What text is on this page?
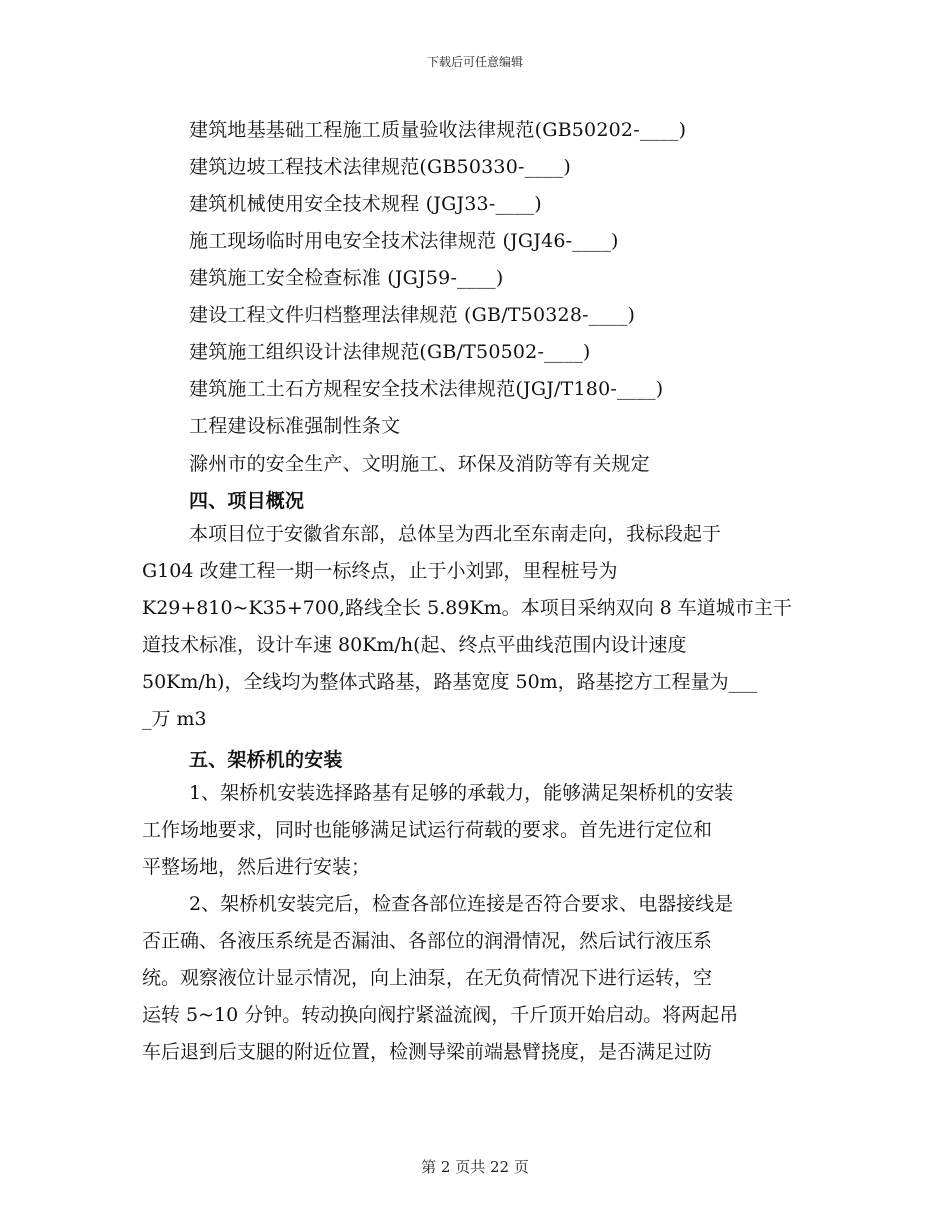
下载后可任意编辑
建筑地基基础工程施工质量验收法律规范(GB50202-____)
建筑边坡工程技术法律规范(GB50330-____)
建筑机械使用安全技术规程 (JGJ33-____)
施工现场临时用电安全技术法律规范 (JGJ46-____)
建筑施工安全检查标准 (JGJ59-____)
建设工程文件归档整理法律规范 (GB/T50328-____)
建筑施工组织设计法律规范(GB/T50502-____)
建筑施工土石方规程安全技术法律规范(JGJ/T180-____)
工程建设标准强制性条文
滁州市的安全生产、文明施工、环保及消防等有关规定
四、项目概况
本项目位于安徽省东部，总体呈为西北至东南走向，我标段起于
G104 改建工程一期一标终点，止于小刘郢，里程桩号为
K29+810~K35+700,路线全长 5.89Km。本项目采纳双向 8 车道城市主干
道技术标准，设计车速 80Km/h(起、终点平曲线范围内设计速度
50Km/h)，全线均为整体式路基，路基宽度 50m，路基挖方工程量为___
_万 m3
五、架桥机的安装
1、架桥机安装选择路基有足够的承载力，能够满足架桥机的安装
工作场地要求，同时也能够满足试运行荷载的要求。首先进行定位和
平整场地，然后进行安装；
2、架桥机安装完后，检查各部位连接是否符合要求、电器接线是
否正确、各液压系统是否漏油、各部位的润滑情况，然后试行液压系
统。观察液位计显示情况，向上油泵，在无负荷情况下进行运转，空
运转 5~10 分钟。转动换向阀拧紧溢流阀，千斤顶开始启动。将两起吊
车后退到后支腿的附近位置，检测导梁前端悬臂挠度，是否满足过防
第 2 页共 22 页
